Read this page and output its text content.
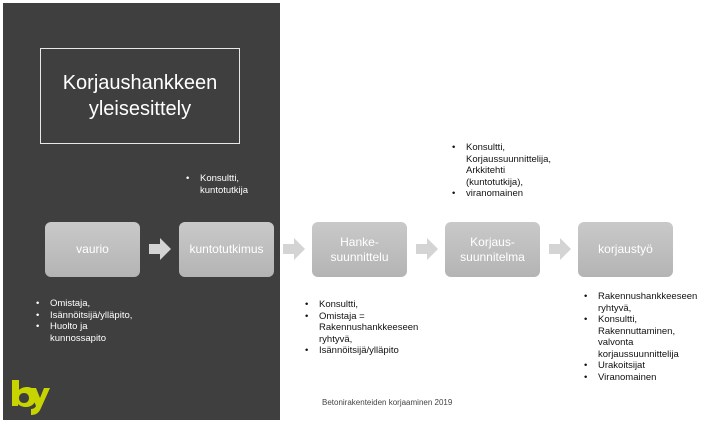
Korjaushankkeen
yleisesittely
vaurio	kuntotutkimus
Hanke-
suunnittelu
Korjaus-
suunnitelma
korjaustyö
• Konsultti,
kuntotutkija
• Omistaja,
• Isännöitsijä/ylläpito,
• Huolto ja
kunnossapito
• Konsultti,
• Omistaja =
Rakennushankkeeseen
ryhtyvä,
• Isännöitsijä/ylläpito
• Konsultti,
Korjaussuunnittelija,
Arkkitehti
(kuntotutkija),
• viranomainen
• Rakennushankkeeseen
ryhtyvä,
• Konsultti,
Rakennuttaminen,
valvonta
korjaussuunnittelija
• Urakoitsijat
• Viranomainen
Betonirakenteiden korjaaminen 2019
